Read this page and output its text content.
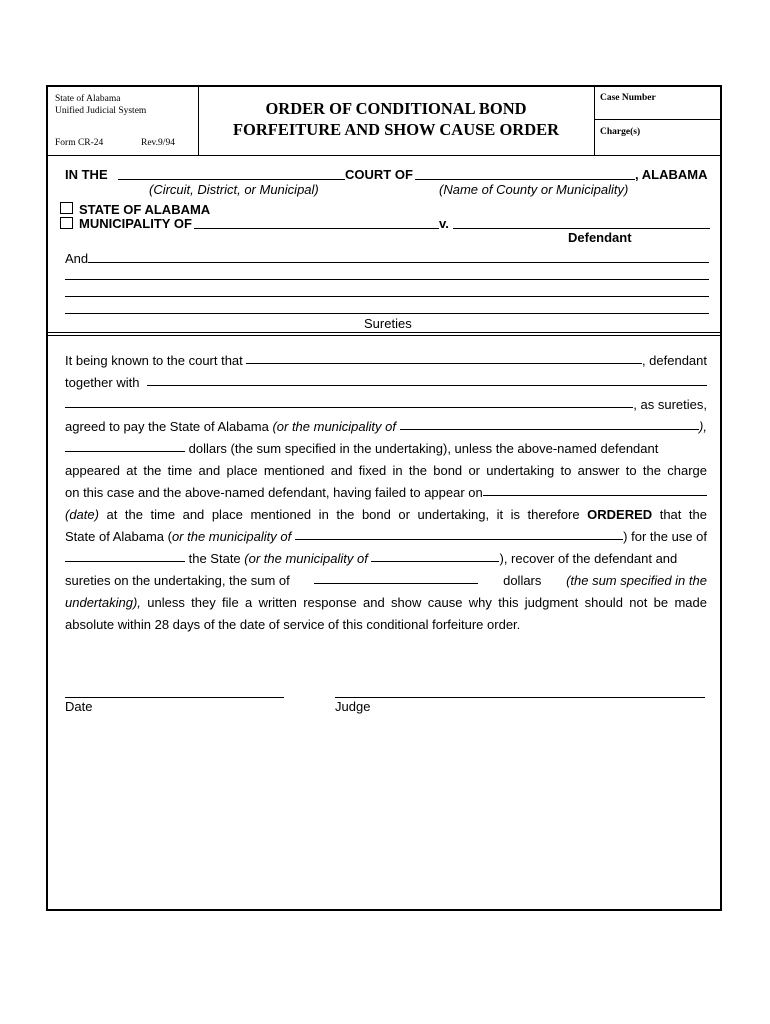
State of Alabama
Unified Judicial System
Form CR-24	Rev.9/94
ORDER OF CONDITIONAL BOND
FORFEITURE AND SHOW CAUSE ORDER
Case Number
Charge(s)
IN THE	COURT OF	, ALABAMA
(Circuit, District, or Municipal)	(Name of County or Municipality)
STATE OF ALABAMA
MUNICIPALITY OF	v.
Defendant
And
Sureties
It being known to the court that
	, defendant
together with

, as sureties,
agreed to pay the State of Alabama
(or the municipality of
	),

dollars (the sum specified in the undertaking), unless the above-named defendant
appeared at the time and place mentioned and fixed in the bond or undertaking to answer to the charge
on this case and the above-named defendant, having failed to appear on
(date) at the time and place mentioned in the bond or undertaking, it is therefore ORDERED that the
State of Alabama ( or the municipality of
	) for the use of

the State
(or the municipality of
	), recover of the defendant and
sureties on the undertaking, the sum of	dollars (the sum specified in the
undertaking), unless they file a written response and show cause why this judgment should not be made
absolute within 28 days of the date of service of this conditional forfeiture order.
Date	Judge
